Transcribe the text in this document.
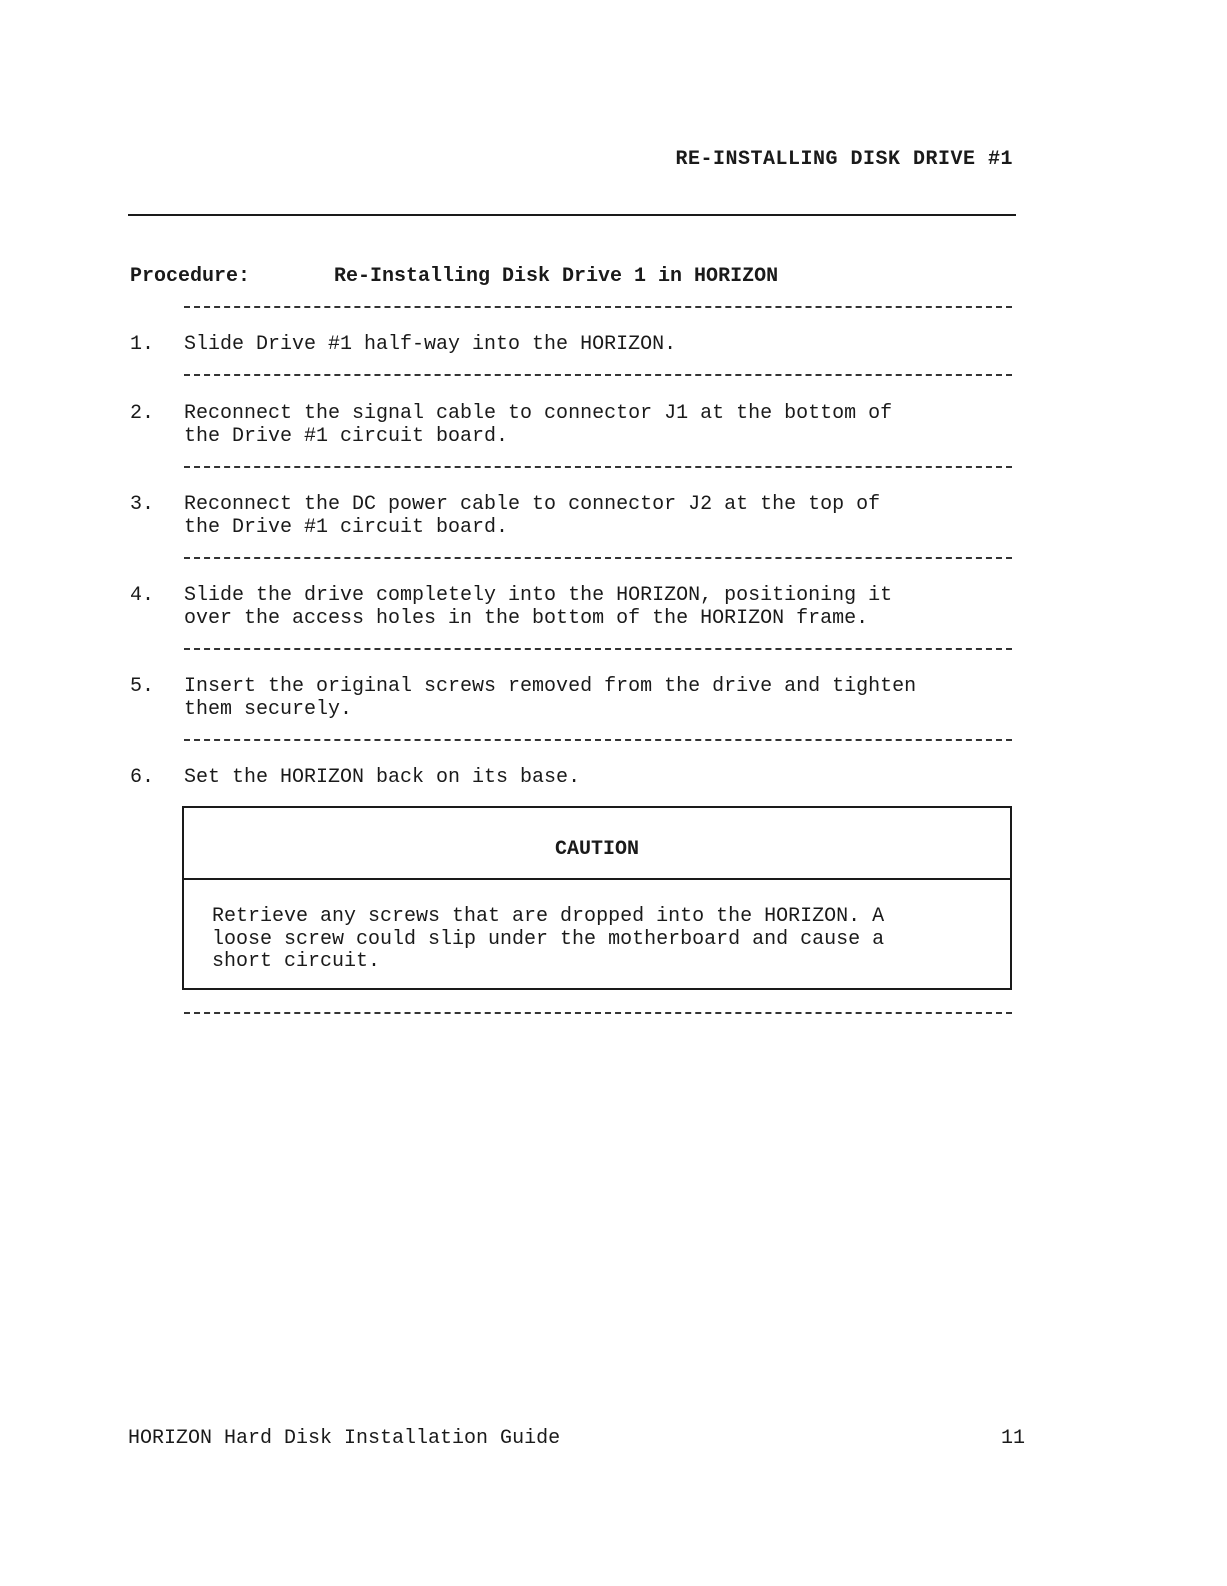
RE-INSTALLING DISK DRIVE #1
Procedure:	Re-Installing Disk Drive 1 in HORIZON
1. Slide Drive #1 half-way into the HORIZON.
2. Reconnect the signal cable to connector J1 at the bottom of
the Drive #1 circuit board.
3. Reconnect the DC power cable to connector J2 at the top of
the Drive #1 circuit board.
4. Slide the drive completely into the HORIZON, positioning it
over the access holes in the bottom of the HORIZON frame.
5. Insert the original screws removed from the drive and tighten
them securely.
6. Set the HORIZON back on its base.
CAUTION
Retrieve any screws that are dropped into the HORIZON. A
loose screw could slip under the motherboard and cause a
short circuit.
HORIZON Hard Disk Installation Guide	11
